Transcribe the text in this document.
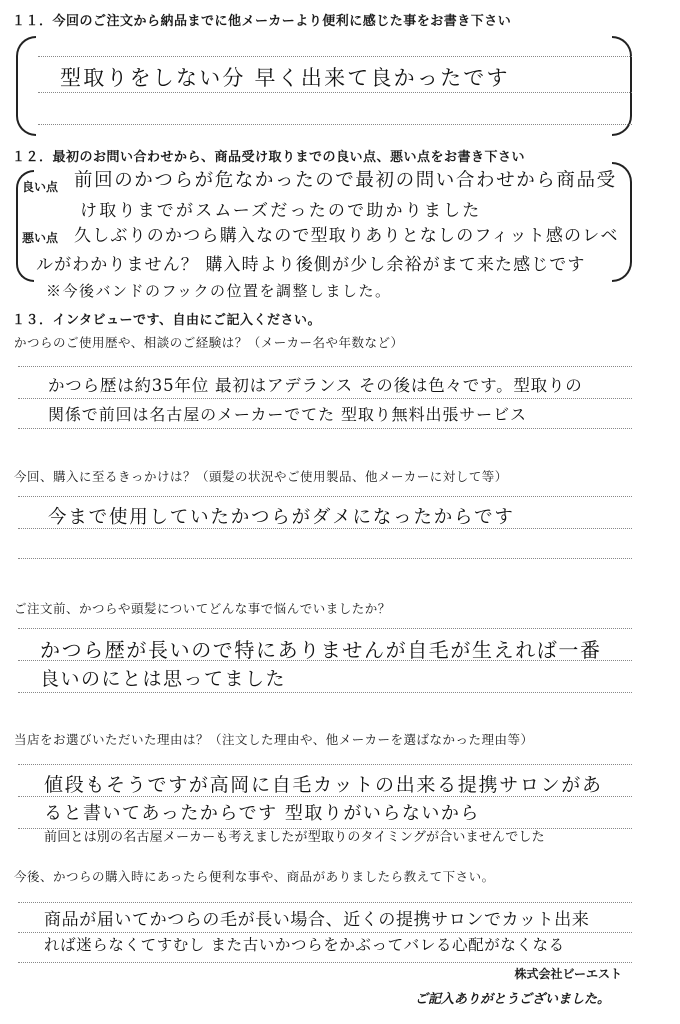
１１．今回のご注文から納品までに他メーカーより便利に感じた事をお書き下さい
型取りをしない分 早く出来て良かったです
１２．最初のお問い合わせから、商品受け取りまでの良い点、悪い点をお書き下さい
良い点 前回のかつらが危なかったので最初の問い合わせから商品受
け取りまでがスムーズだったので助かりました
悪い点 久しぶりのかつら購入なので型取りありとなしのフィット感のレベ
ルがわかりません？ 購入時より後側が少し余裕がまて来た感じです
※今後バンドのフックの位置を調整しました。
１３．インタビューです、自由にご記入ください。
かつらのご使用歴や、相談のご経験は？（メーカー名や年数など）
かつら歴は約35年位 最初はアデランス その後は色々です。型取りの
関係で前回は名古屋のメーカーでてた 型取り無料出張サービス
今回、購入に至るきっかけは？（頭髪の状況やご使用製品、他メーカーに対して等）
今まで使用していたかつらがダメになったからです
ご注文前、かつらや頭髪についてどんな事で悩んでいましたか？
かつら歴が長いので特にありませんが自毛が生えれば一番
良いのにとは思ってました
当店をお選びいただいた理由は？（注文した理由や、他メーカーを選ばなかった理由等）
値段もそうですが高岡に自毛カットの出来る提携サロンがあ
ると書いてあったからです 型取りがいらないから
前回とは別の名古屋メーカーも考えましたが型取りのタイミングが合いませんでした
今後、かつらの購入時にあったら便利な事や、商品がありましたら教えて下さい。
商品が届いてかつらの毛が長い場合、近くの提携サロンでカット出来
れば迷らなくてすむし また古いかつらをかぶってバレる心配がなくなる
株式会社ビーエスト
ご記入ありがとうございました。
